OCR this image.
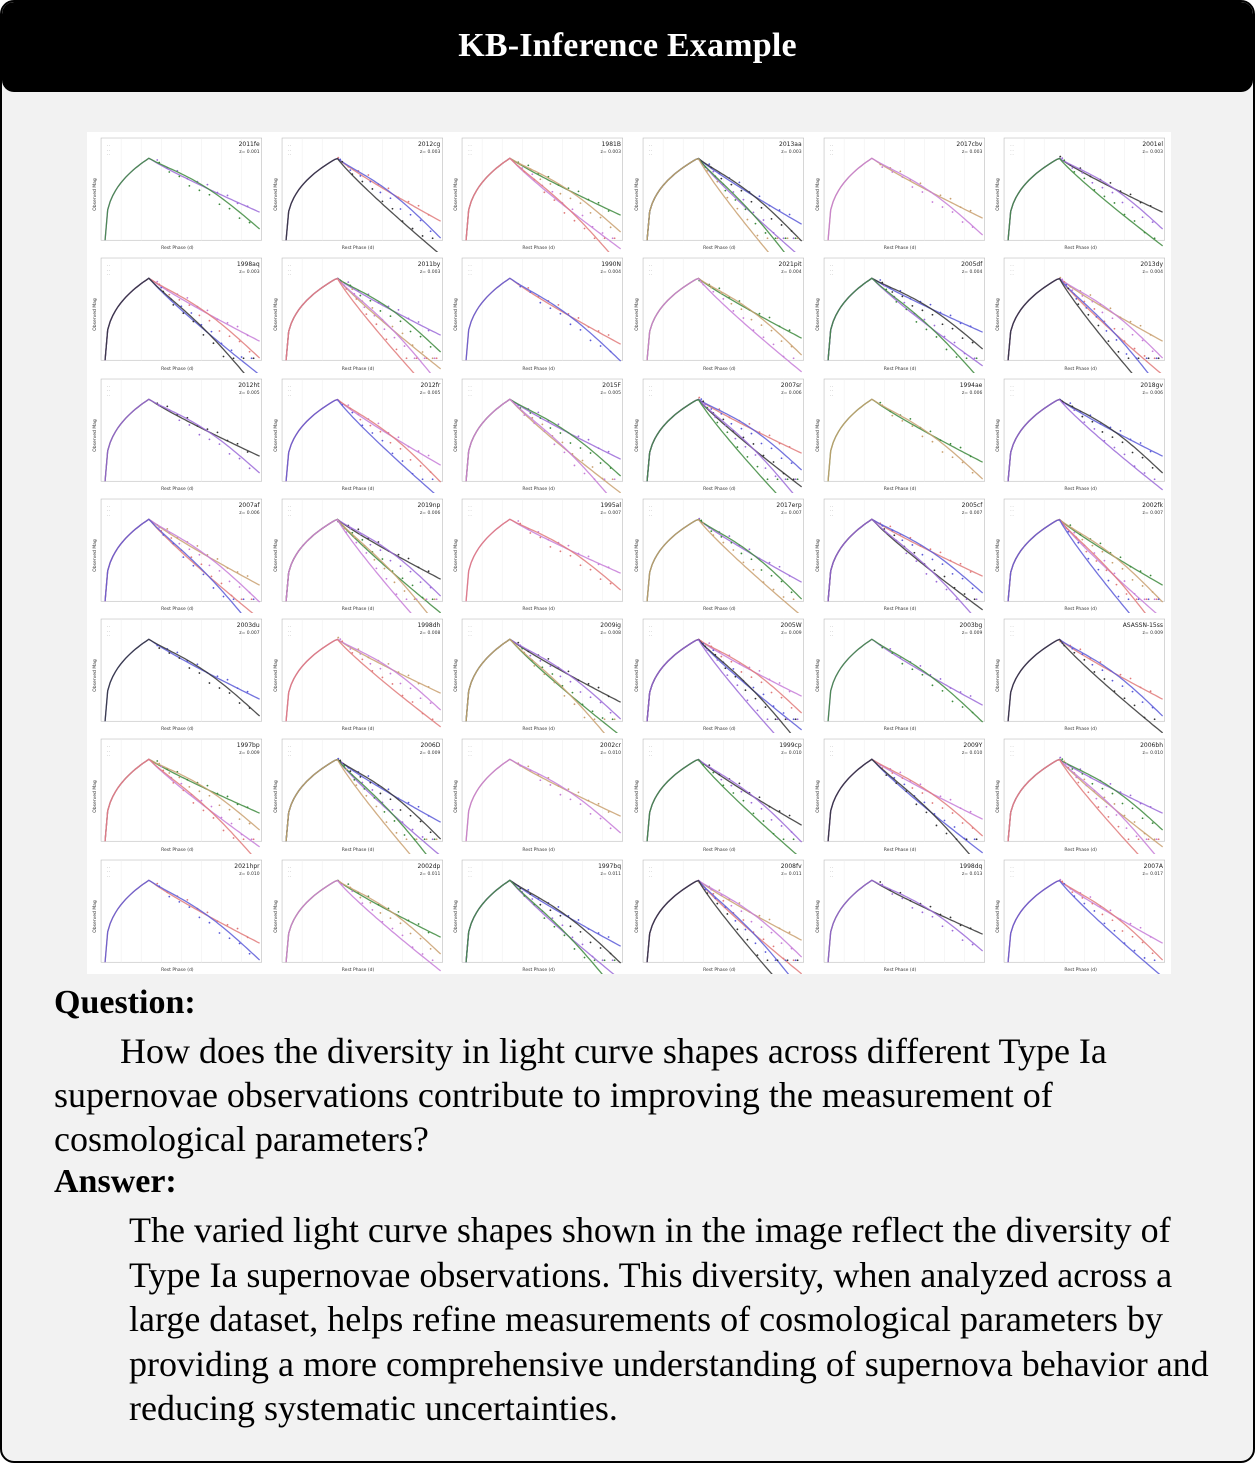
KB-Inference Example
· ·
· ·
· ·
2011fe
z= 0.001
Rest Phase (d)
Observed Mag
· ·
· ·
· ·
2012cg
z= 0.003
Rest Phase (d)
Observed Mag
· ·
· ·
· ·
1981B
z= 0.003
Rest Phase (d)
Observed Mag
· ·
· ·
· ·
2013aa
z= 0.003
Rest Phase (d)
Observed Mag
· ·
· ·
· ·
2017cbv
z= 0.003
Rest Phase (d)
Observed Mag
· ·
· ·
· ·
2001el
z= 0.003
Rest Phase (d)
Observed Mag
· ·
· ·
· ·
1998aq
z= 0.003
Rest Phase (d)
Observed Mag
· ·
· ·
· ·
2011by
z= 0.003
Rest Phase (d)
Observed Mag
· ·
· ·
· ·
1990N
z= 0.004
Rest Phase (d)
Observed Mag
· ·
· ·
· ·
2021pit
z= 0.004
Rest Phase (d)
Observed Mag
· ·
· ·
· ·
2005df
z= 0.004
Rest Phase (d)
Observed Mag
· ·
· ·
· ·
2013dy
z= 0.004
Rest Phase (d)
Observed Mag
· ·
· ·
· ·
2012ht
z= 0.005
Rest Phase (d)
Observed Mag
· ·
· ·
· ·
2012fr
z= 0.005
Rest Phase (d)
Observed Mag
· ·
· ·
· ·
2015F
z= 0.005
Rest Phase (d)
Observed Mag
· ·
· ·
· ·
2007sr
z= 0.006
Rest Phase (d)
Observed Mag
· ·
· ·
· ·
1994ae
z= 0.006
Rest Phase (d)
Observed Mag
· ·
· ·
· ·
2018gv
z= 0.006
Rest Phase (d)
Observed Mag
· ·
· ·
· ·
2007af
z= 0.006
Rest Phase (d)
Observed Mag
· ·
· ·
· ·
2019np
z= 0.006
Rest Phase (d)
Observed Mag
· ·
· ·
· ·
1995al
z= 0.007
Rest Phase (d)
Observed Mag
· ·
· ·
· ·
2017erp
z= 0.007
Rest Phase (d)
Observed Mag
· ·
· ·
· ·
2005cf
z= 0.007
Rest Phase (d)
Observed Mag
· ·
· ·
· ·
2002fk
z= 0.007
Rest Phase (d)
Observed Mag
· ·
· ·
· ·
2003du
z= 0.007
Rest Phase (d)
Observed Mag
· ·
· ·
· ·
1998dh
z= 0.008
Rest Phase (d)
Observed Mag
· ·
· ·
· ·
2009ig
z= 0.008
Rest Phase (d)
Observed Mag
· ·
· ·
· ·
2005W
z= 0.009
Rest Phase (d)
Observed Mag
· ·
· ·
· ·
2003bg
z= 0.009
Rest Phase (d)
Observed Mag
· ·
· ·
· ·
ASASSN-15ss
z= 0.009
Rest Phase (d)
Observed Mag
· ·
· ·
· ·
1997bp
z= 0.009
Rest Phase (d)
Observed Mag
· ·
· ·
· ·
2006D
z= 0.009
Rest Phase (d)
Observed Mag
· ·
· ·
· ·
2002cr
z= 0.010
Rest Phase (d)
Observed Mag
· ·
· ·
· ·
1999cp
z= 0.010
Rest Phase (d)
Observed Mag
· ·
· ·
· ·
2009Y
z= 0.010
Rest Phase (d)
Observed Mag
· ·
· ·
· ·
2006bh
z= 0.010
Rest Phase (d)
Observed Mag
· ·
· ·
· ·
2021hpr
z= 0.010
Rest Phase (d)
Observed Mag
· ·
· ·
· ·
2002dp
z= 0.011
Rest Phase (d)
Observed Mag
· ·
· ·
· ·
1997bq
z= 0.011
Rest Phase (d)
Observed Mag
· ·
· ·
· ·
2008fv
z= 0.011
Rest Phase (d)
Observed Mag
· ·
· ·
· ·
1998dq
z= 0.013
Rest Phase (d)
Observed Mag
· ·
· ·
· ·
2007A
z= 0.017
Rest Phase (d)
Observed Mag
Question:
How does the diversity in light curve shapes across different Type Ia supernovae observations contribute to improving the measurement of cosmological parameters?
Answer:
The varied light curve shapes shown in the image reflect the diversity of Type Ia supernovae observations. This diversity, when analyzed across a large dataset, helps refine measurements of cosmological parameters by providing a more comprehensive understanding of supernova behavior and reducing systematic uncertainties.
